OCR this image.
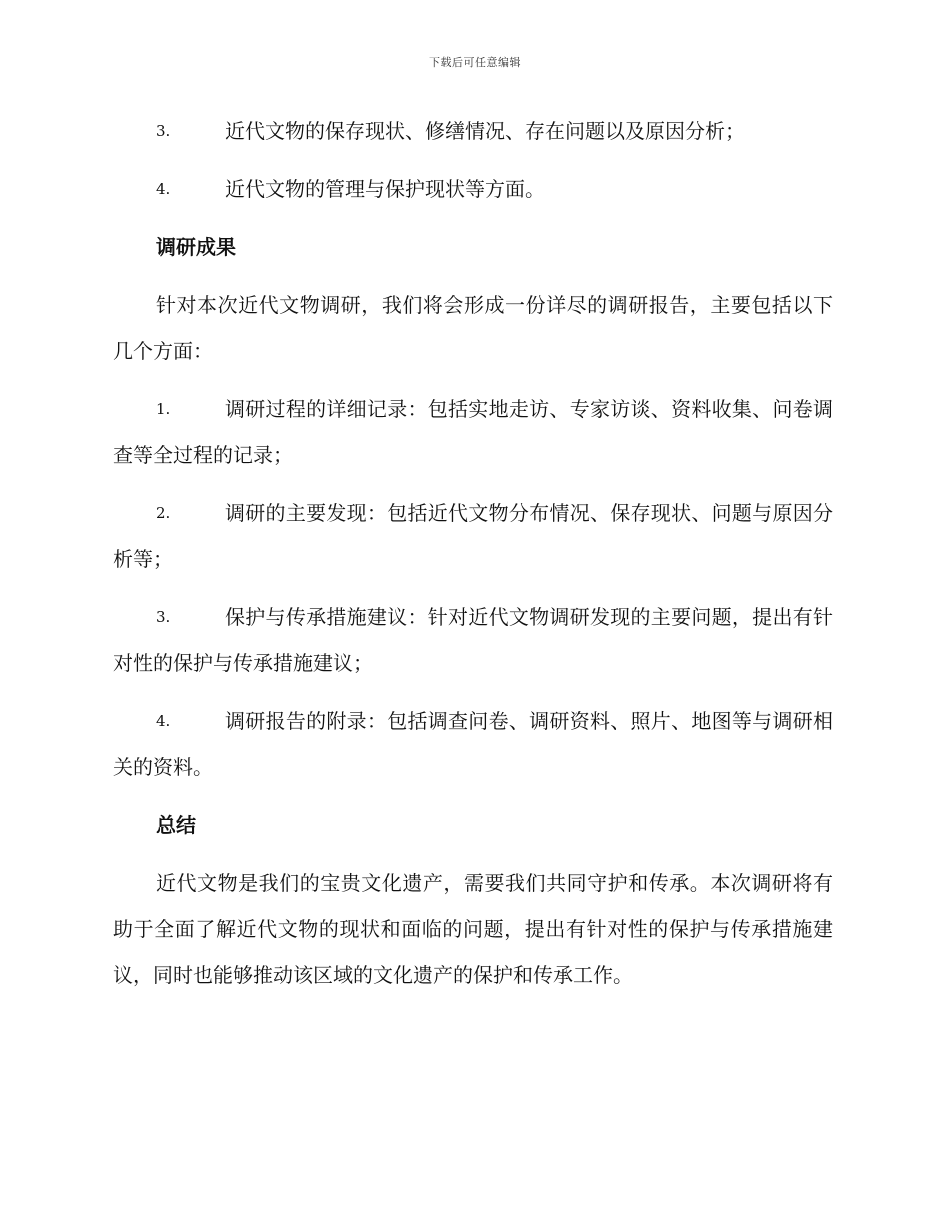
下载后可任意编辑
3.	近代文物的保存现状、修缮情况、存在问题以及原因分析；
4.	近代文物的管理与保护现状等方面。
调研成果
针对本次近代文物调研，我们将会形成一份详尽的调研报告，主要包括以下几个方面：
1.	调研过程的详细记录：包括实地走访、专家访谈、资料收集、问卷调查等全过程的记录；
2.	调研的主要发现：包括近代文物分布情况、保存现状、问题与原因分析等；
3.	保护与传承措施建议：针对近代文物调研发现的主要问题，提出有针对性的保护与传承措施建议；
4.	调研报告的附录：包括调查问卷、调研资料、照片、地图等与调研相关的资料。
总结
近代文物是我们的宝贵文化遗产，需要我们共同守护和传承。本次调研将有助于全面了解近代文物的现状和面临的问题，提出有针对性的保护与传承措施建议，同时也能够推动该区域的文化遗产的保护和传承工作。
